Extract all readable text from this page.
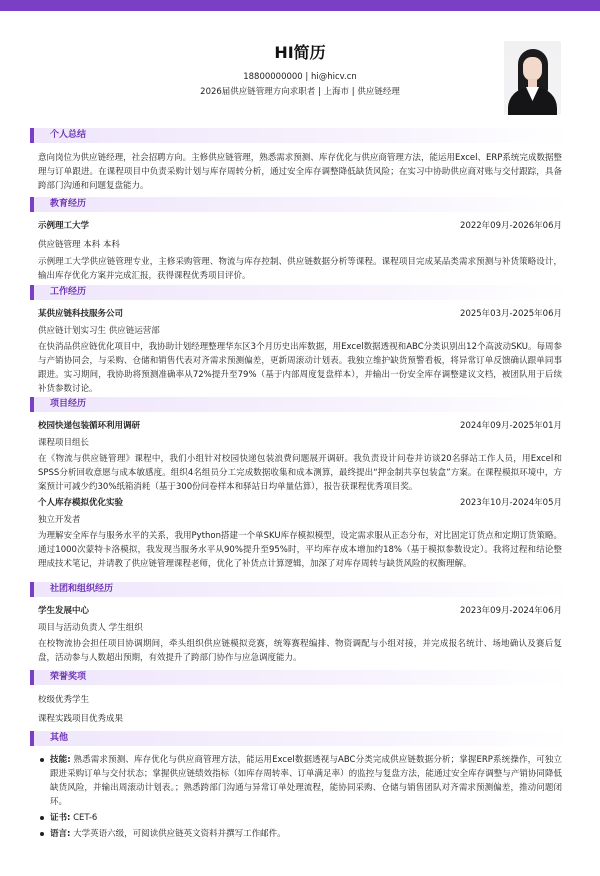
HI简历
18800000000 | hi@hicv.cn
2026届供应链管理方向求职者 | 上海市 | 供应链经理
个人总结
意向岗位为供应链经理，社会招聘方向。主修供应链管理，熟悉需求预测、库存优化与供应商管理方法，能运用Excel、ERP系统完成数据整理与订单跟进。在课程项目中负责采购计划与库存周转分析，通过安全库存调整降低缺货风险；在实习中协助供应商对账与交付跟踪，具备跨部门沟通和问题复盘能力。
教育经历
示例理工大学	2022年09月-2026年06月
供应链管理 本科 本科
示例理工大学供应链管理专业，主修采购管理、物流与库存控制、供应链数据分析等课程。课程项目完成某品类需求预测与补货策略设计，输出库存优化方案并完成汇报，获得课程优秀项目评价。
工作经历
某供应链科技服务公司	2025年03月-2025年06月
供应链计划实习生 供应链运营部
在快消品供应链优化项目中，我协助计划经理整理华东区3个月历史出库数据，用Excel数据透视和ABC分类识别出12个高波动SKU。每周参与产销协同会，与采购、仓储和销售代表对齐需求预测偏差，更新周滚动计划表。我独立维护缺货预警看板，将异常订单反馈确认跟单同事跟进。实习期间，我协助将预测准确率从72%提升至79%（基于内部周度复盘样本），并输出一份安全库存调整建议文档，被团队用于后续补货参数讨论。
项目经历
校园快递包装循环利用调研	2024年09月-2025年01月
课程项目组长
在《物流与供应链管理》课程中，我们小组针对校园快递包装浪费问题展开调研。我负责设计问卷并访谈20名驿站工作人员，用Excel和SPSS分析回收意愿与成本敏感度。组织4名组员分工完成数据收集和成本测算，最终提出“押金制共享包装盒”方案。在课程模拟环境中，方案预计可减少约30%纸箱消耗（基于300份问卷样本和驿站日均单量估算），报告获课程优秀项目奖。
个人库存模拟优化实验	2023年10月-2024年05月
独立开发者
为理解安全库存与服务水平的关系，我用Python搭建一个单SKU库存模拟模型，设定需求服从正态分布，对比固定订货点和定期订货策略。通过1000次蒙特卡洛模拟，我发现当服务水平从90%提升至95%时，平均库存成本增加约18%（基于模拟参数设定）。我将过程和结论整理成技术笔记，并请教了供应链管理课程老师，优化了补货点计算逻辑，加深了对库存周转与缺货风险的权衡理解。
社团和组织经历
学生发展中心	2023年09月-2024年06月
项目与活动负责人 学生组织
在校物流协会担任项目协调期间，牵头组织供应链模拟竞赛，统筹赛程编排、物资调配与小组对接，并完成报名统计、场地确认及赛后复盘，活动参与人数超出预期，有效提升了跨部门协作与应急调度能力。
荣誉奖项
校级优秀学生
课程实践项目优秀成果
其他
技能: 熟悉需求预测、库存优化与供应商管理方法，能运用Excel数据透视与ABC分类完成供应链数据分析；掌握ERP系统操作，可独立跟进采购订单与交付状态；掌握供应链绩效指标（如库存周转率、订单满足率）的监控与复盘方法，能通过安全库存调整与产销协同降低缺货风险，并输出周滚动计划表。；熟悉跨部门沟通与异常订单处理流程，能协同采购、仓储与销售团队对齐需求预测偏差，推动问题闭环。
证书: CET-6
语言: 大学英语六级，可阅读供应链英文资料并撰写工作邮件。
